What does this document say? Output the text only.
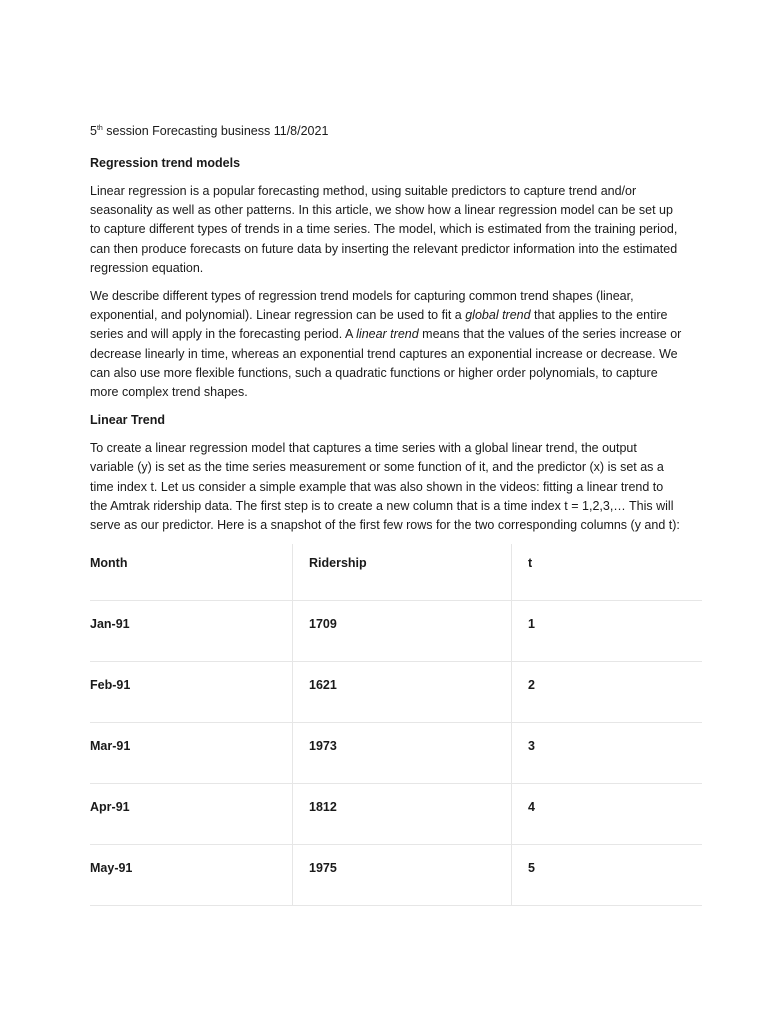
5th session Forecasting business 11/8/2021

Regression trend models

Linear regression is a popular forecasting method, using suitable predictors to capture trend and/or seasonality as well as other patterns. In this article, we show how a linear regression model can be set up to capture different types of trends in a time series. The model, which is estimated from the training period, can then produce forecasts on future data by inserting the relevant predictor information into the estimated regression equation.

We describe different types of regression trend models for capturing common trend shapes (linear, exponential, and polynomial). Linear regression can be used to fit a global trend that applies to the entire series and will apply in the forecasting period. A linear trend means that the values of the series increase or decrease linearly in time, whereas an exponential trend captures an exponential increase or decrease. We can also use more flexible functions, such a quadratic functions or higher order polynomials, to capture more complex trend shapes.

Linear Trend

To create a linear regression model that captures a time series with a global linear trend, the output variable (y) is set as the time series measurement or some function of it, and the predictor (x) is set as a time index t. Let us consider a simple example that was also shown in the videos: fitting a linear trend to the Amtrak ridership data. The first step is to create a new column that is a time index t = 1,2,3,… This will serve as our predictor. Here is a snapshot of the first few rows for the two corresponding columns (y and t):

Month	Ridership	t
Jan-91	1709	1
Feb-91	1621	2
Mar-91	1973	3
Apr-91	1812	4
May-91	1975	5
